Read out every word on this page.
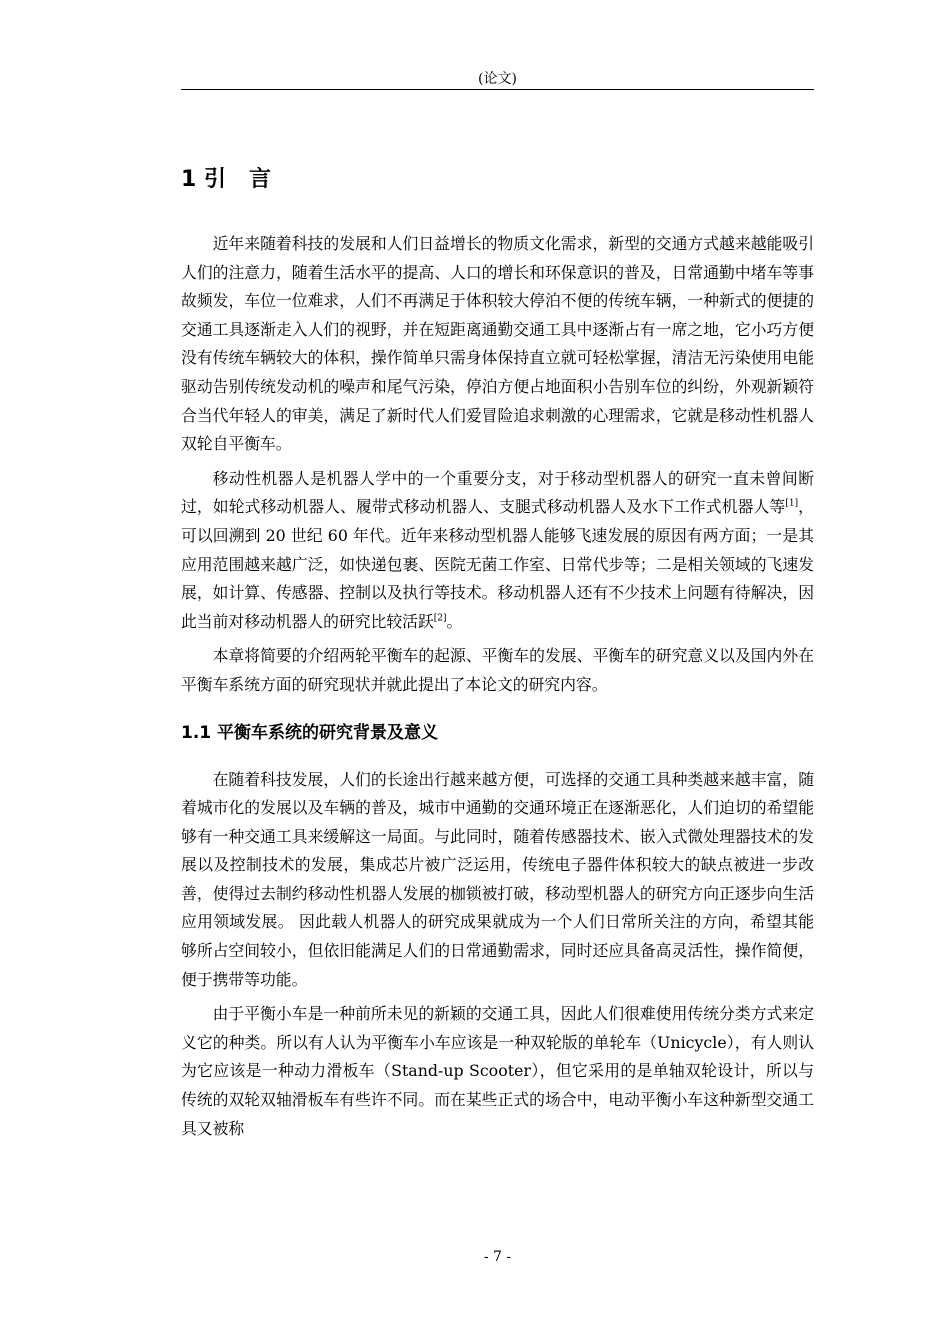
(论文)
1 引   言

近年来随着科技的发展和人们日益增长的物质文化需求，新型的交通方式越来越能吸引人们的注意力，随着生活水平的提高、人口的增长和环保意识的普及，日常通勤中堵车等事故频发，车位一位难求，人们不再满足于体积较大停泊不便的传统车辆，一种新式的便捷的交通工具逐渐走入人们的视野，并在短距离通勤交通工具中逐渐占有一席之地，它小巧方便没有传统车辆较大的体积，操作简单只需身体保持直立就可轻松掌握，清洁无污染使用电能驱动告别传统发动机的噪声和尾气污染，停泊方便占地面积小告别车位的纠纷，外观新颖符合当代年轻人的审美，满足了新时代人们爱冒险追求刺激的心理需求，它就是移动性机器人双轮自平衡车。

移动性机器人是机器人学中的一个重要分支，对于移动型机器人的研究一直未曾间断过，如轮式移动机器人、履带式移动机器人、支腿式移动机器人及水下工作式机器人等[1]，可以回溯到 20 世纪 60 年代。近年来移动型机器人能够飞速发展的原因有两方面；一是其应用范围越来越广泛，如快递包裹、医院无菌工作室、日常代步等；二是相关领域的飞速发展，如计算、传感器、控制以及执行等技术。移动机器人还有不少技术上问题有待解决，因此当前对移动机器人的研究比较活跃[2]。

本章将简要的介绍两轮平衡车的起源、平衡车的发展、平衡车的研究意义以及国内外在平衡车系统方面的研究现状并就此提出了本论文的研究内容。

1.1 平衡车系统的研究背景及意义

在随着科技发展，人们的长途出行越来越方便，可选择的交通工具种类越来越丰富，随着城市化的发展以及车辆的普及，城市中通勤的交通环境正在逐渐恶化，人们迫切的希望能够有一种交通工具来缓解这一局面。与此同时，随着传感器技术、嵌入式微处理器技术的发展以及控制技术的发展，集成芯片被广泛运用，传统电子器件体积较大的缺点被进一步改善，使得过去制约移动性机器人发展的枷锁被打破，移动型机器人的研究方向正逐步向生活应用领域发展。 因此载人机器人的研究成果就成为一个人们日常所关注的方向，希望其能够所占空间较小，但依旧能满足人们的日常通勤需求，同时还应具备高灵活性，操作简便，便于携带等功能。

由于平衡小车是一种前所未见的新颖的交通工具，因此人们很难使用传统分类方式来定义它的种类。所以有人认为平衡车小车应该是一种双轮版的单轮车（Unicycle），有人则认为它应该是一种动力滑板车（Stand-up Scooter），但它采用的是单轴双轮设计，所以与传统的双轮双轴滑板车有些许不同。而在某些正式的场合中，电动平衡小车这种新型交通工具又被称

- 7 -
